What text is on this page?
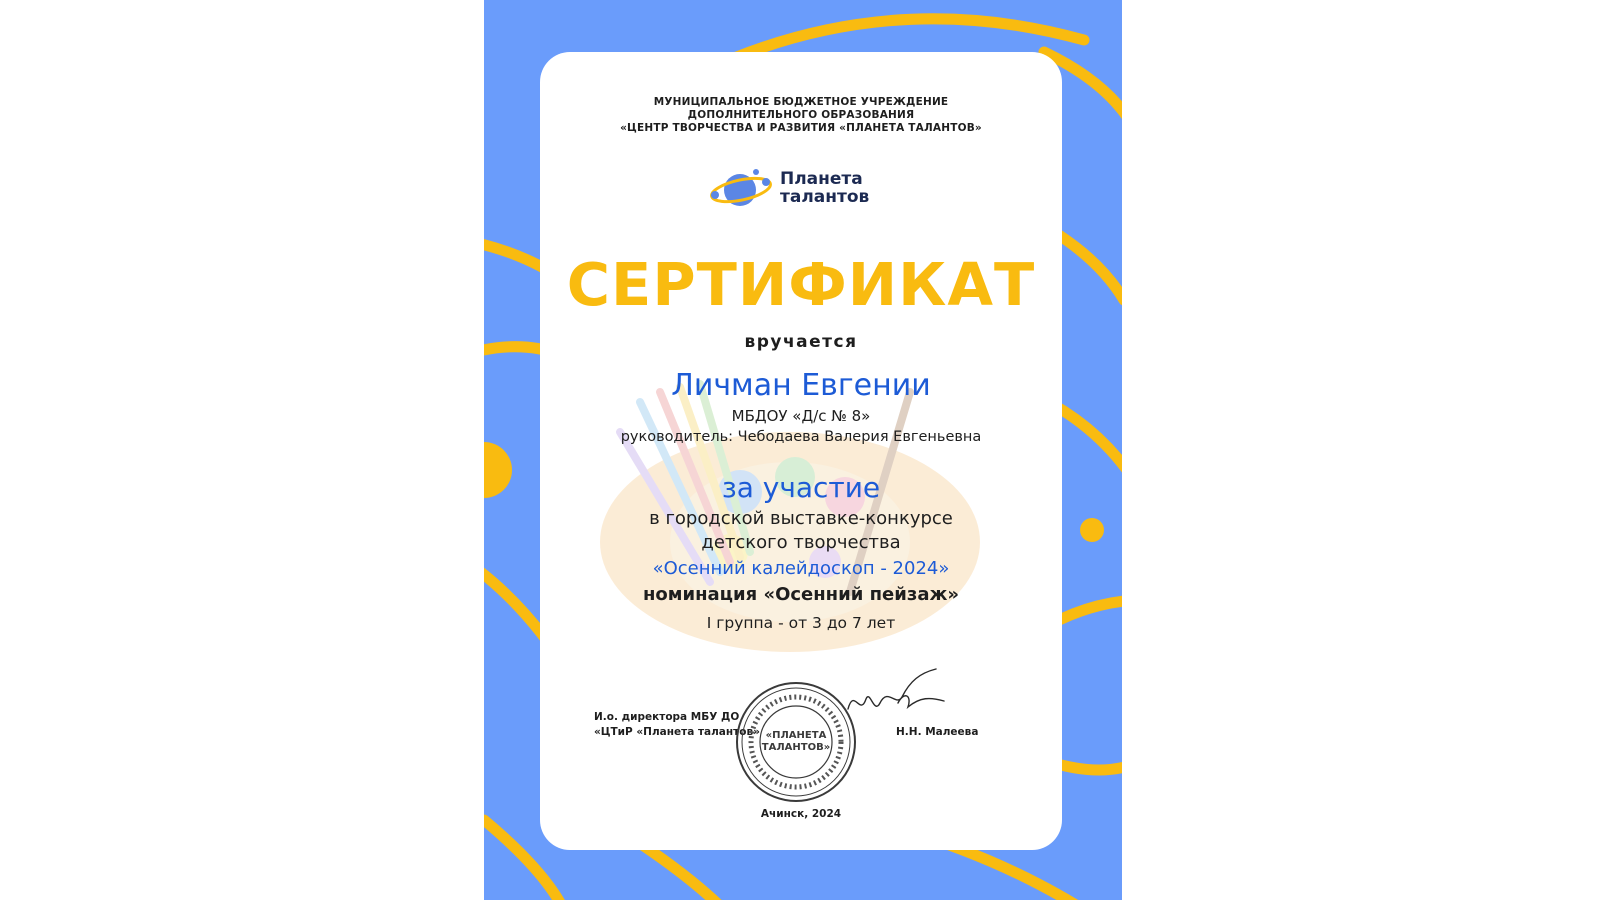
МУНИЦИПАЛЬНОЕ БЮДЖЕТНОЕ УЧРЕЖДЕНИЕ
ДОПОЛНИТЕЛЬНОГО ОБРАЗОВАНИЯ
«ЦЕНТР ТВОРЧЕСТВА И РАЗВИТИЯ «ПЛАНЕТА ТАЛАНТОВ»
Планета
талантов
СЕРТИФИКАТ
вручается
Личман Евгении
МБДОУ «Д/с № 8»
руководитель: Чебодаева Валерия Евгеньевна
за участие
в городской выставке-конкурсе
детского творчества
«Осенний калейдоскоп - 2024»
номинация «Осенний пейзаж»
I группа - от 3 до 7 лет
И.о. директора МБУ ДО
«ЦТиР «Планета талантов» «ПЛАНЕТА
ТАЛАНТОВ»
Н.Н. Малеева
Ачинск, 2024
